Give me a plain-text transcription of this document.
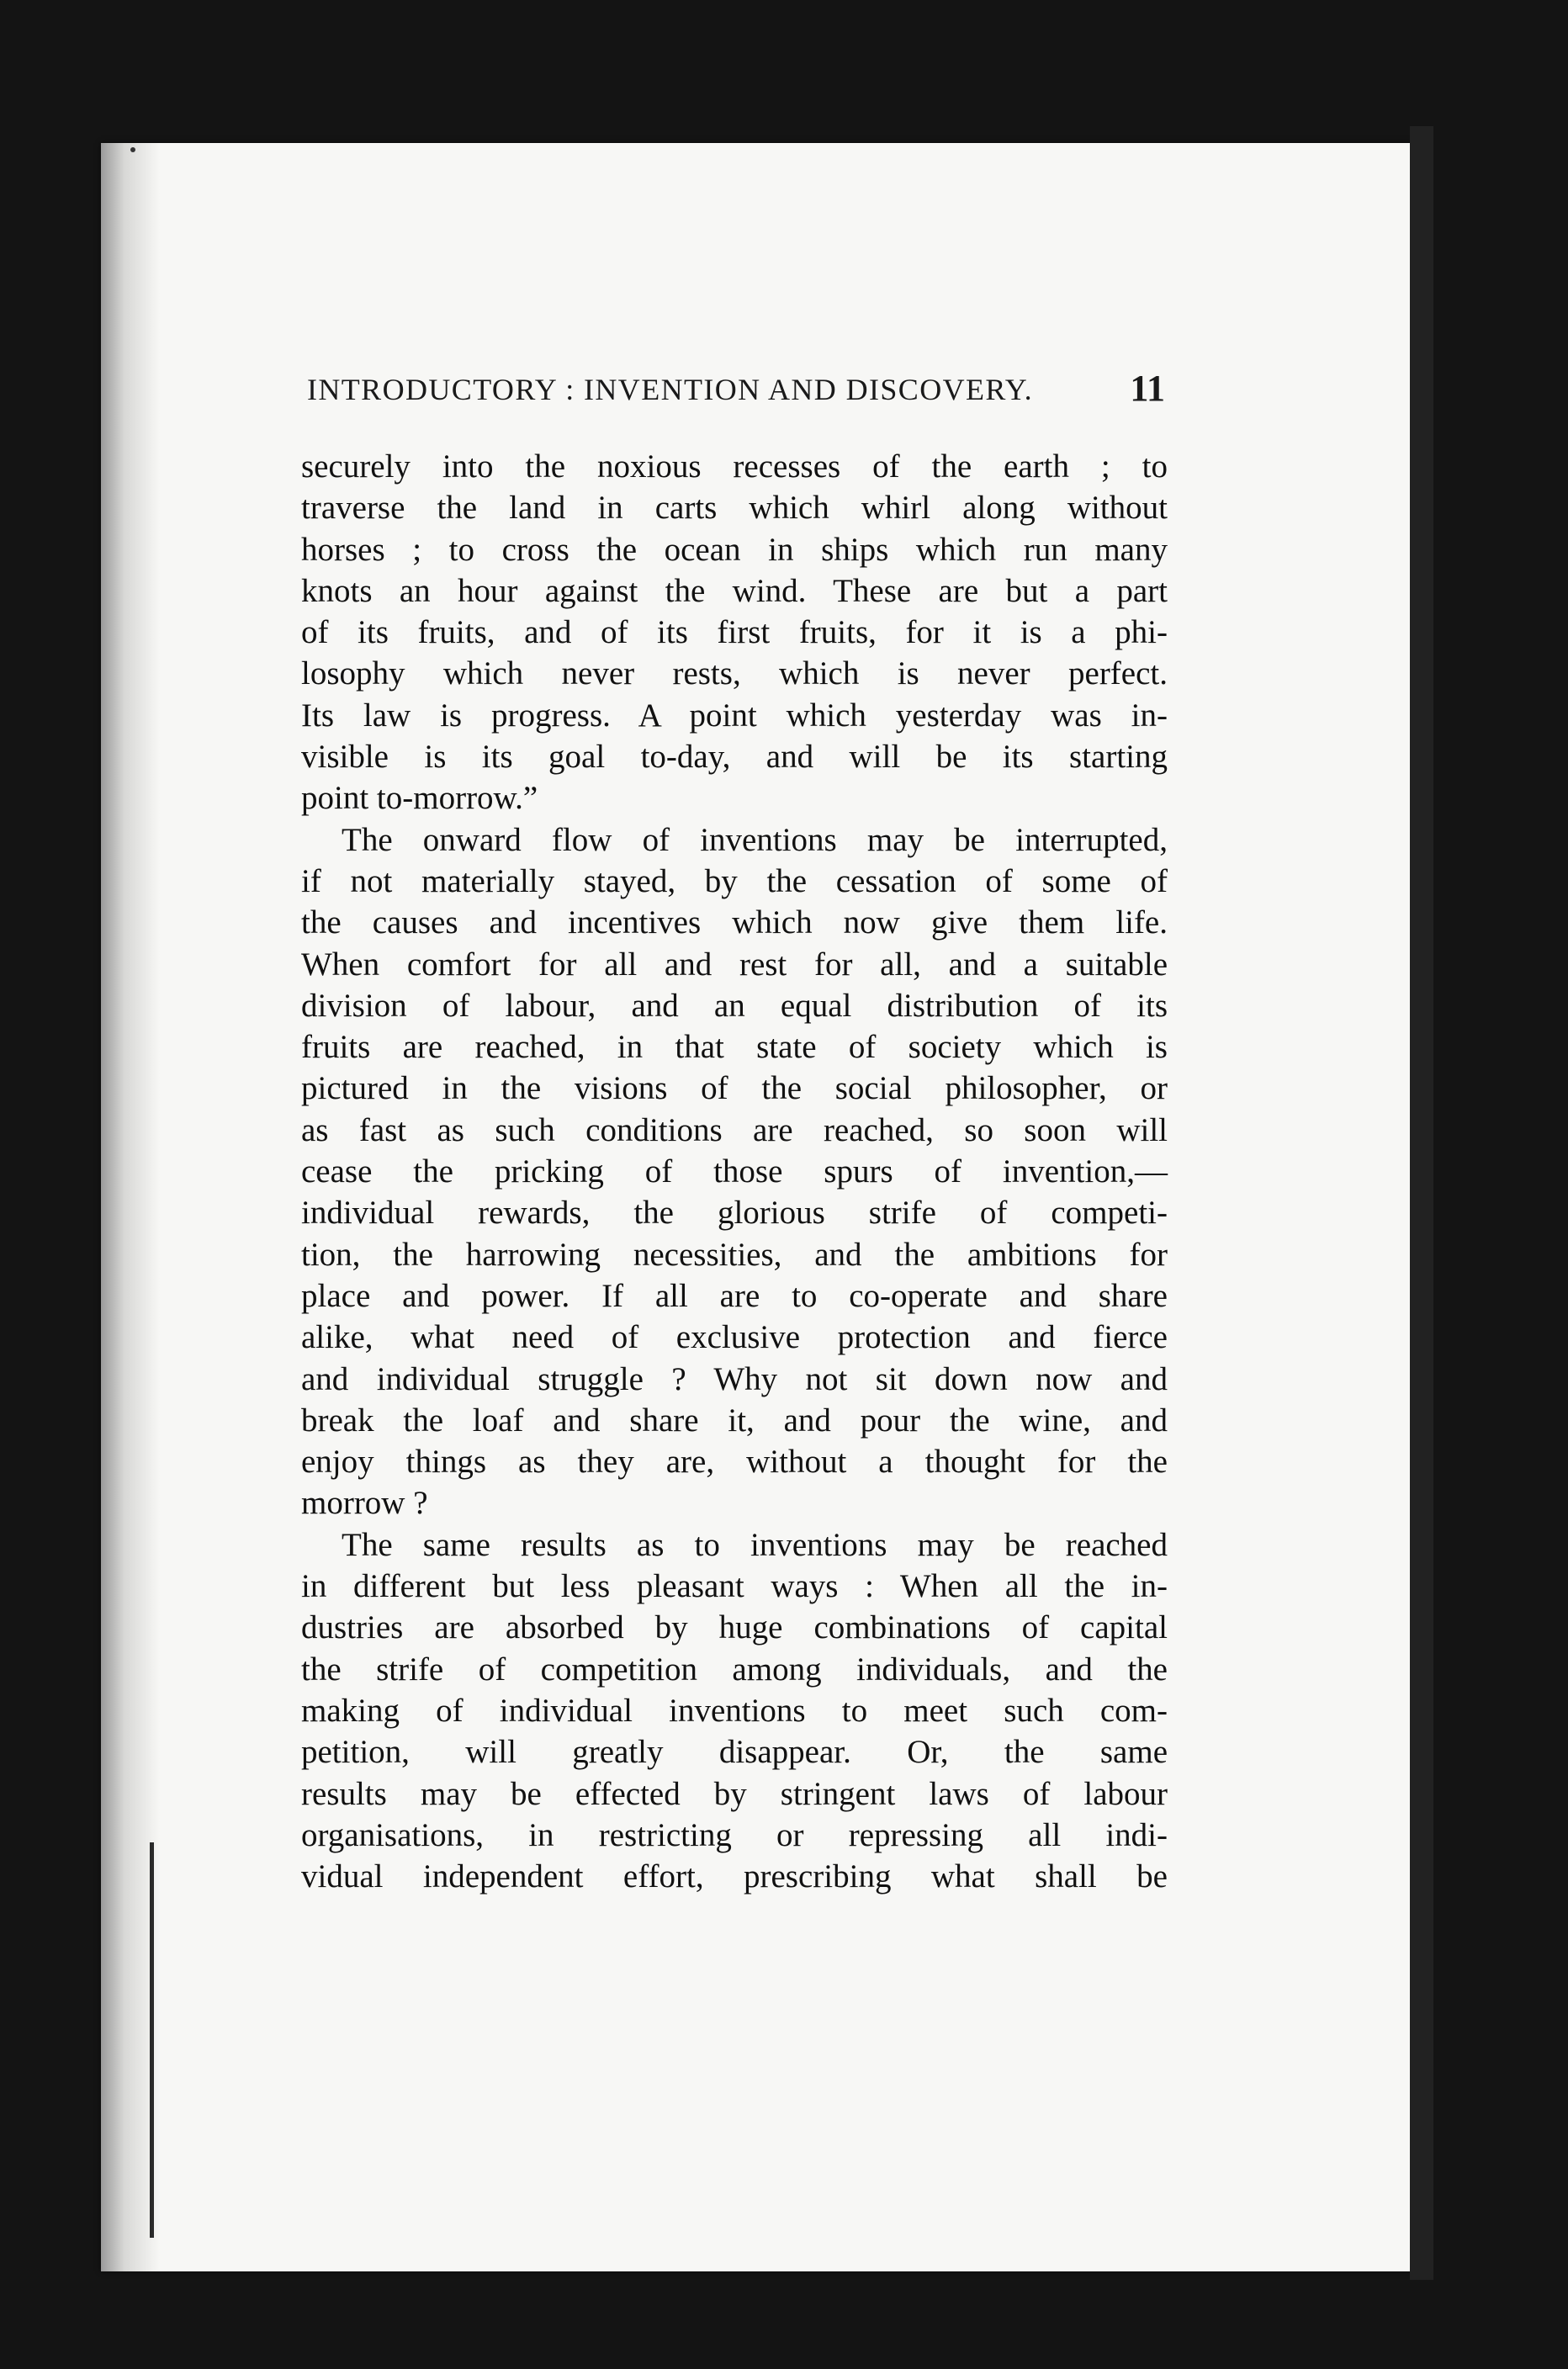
INTRODUCTORY : INVENTION AND DISCOVERY.	11
securely into the noxious recesses of the earth ; to
traverse the land in carts which whirl along without
horses ; to cross the ocean in ships which run many
knots an hour against the wind. These are but a part
of its fruits, and of its first fruits, for it is a phi-
losophy which never rests, which is never perfect.
Its law is progress. A point which yesterday was in-
visible is its goal to-day, and will be its starting
point to-morrow.”
The onward flow of inventions may be interrupted,
if not materially stayed, by the cessation of some of
the causes and incentives which now give them life.
When comfort for all and rest for all, and a suitable
division of labour, and an equal distribution of its
fruits are reached, in that state of society which is
pictured in the visions of the social philosopher, or
as fast as such conditions are reached, so soon will
cease the pricking of those spurs of invention,—
individual rewards, the glorious strife of competi-
tion, the harrowing necessities, and the ambitions for
place and power. If all are to co-operate and share
alike, what need of exclusive protection and fierce
and individual struggle ? Why not sit down now and
break the loaf and share it, and pour the wine, and
enjoy things as they are, without a thought for the
morrow ?
The same results as to inventions may be reached
in different but less pleasant ways : When all the in-
dustries are absorbed by huge combinations of capital
the strife of competition among individuals, and the
making of individual inventions to meet such com-
petition, will greatly disappear. Or, the same
results may be effected by stringent laws of labour
organisations, in restricting or repressing all indi-
vidual independent effort, prescribing what shall be
